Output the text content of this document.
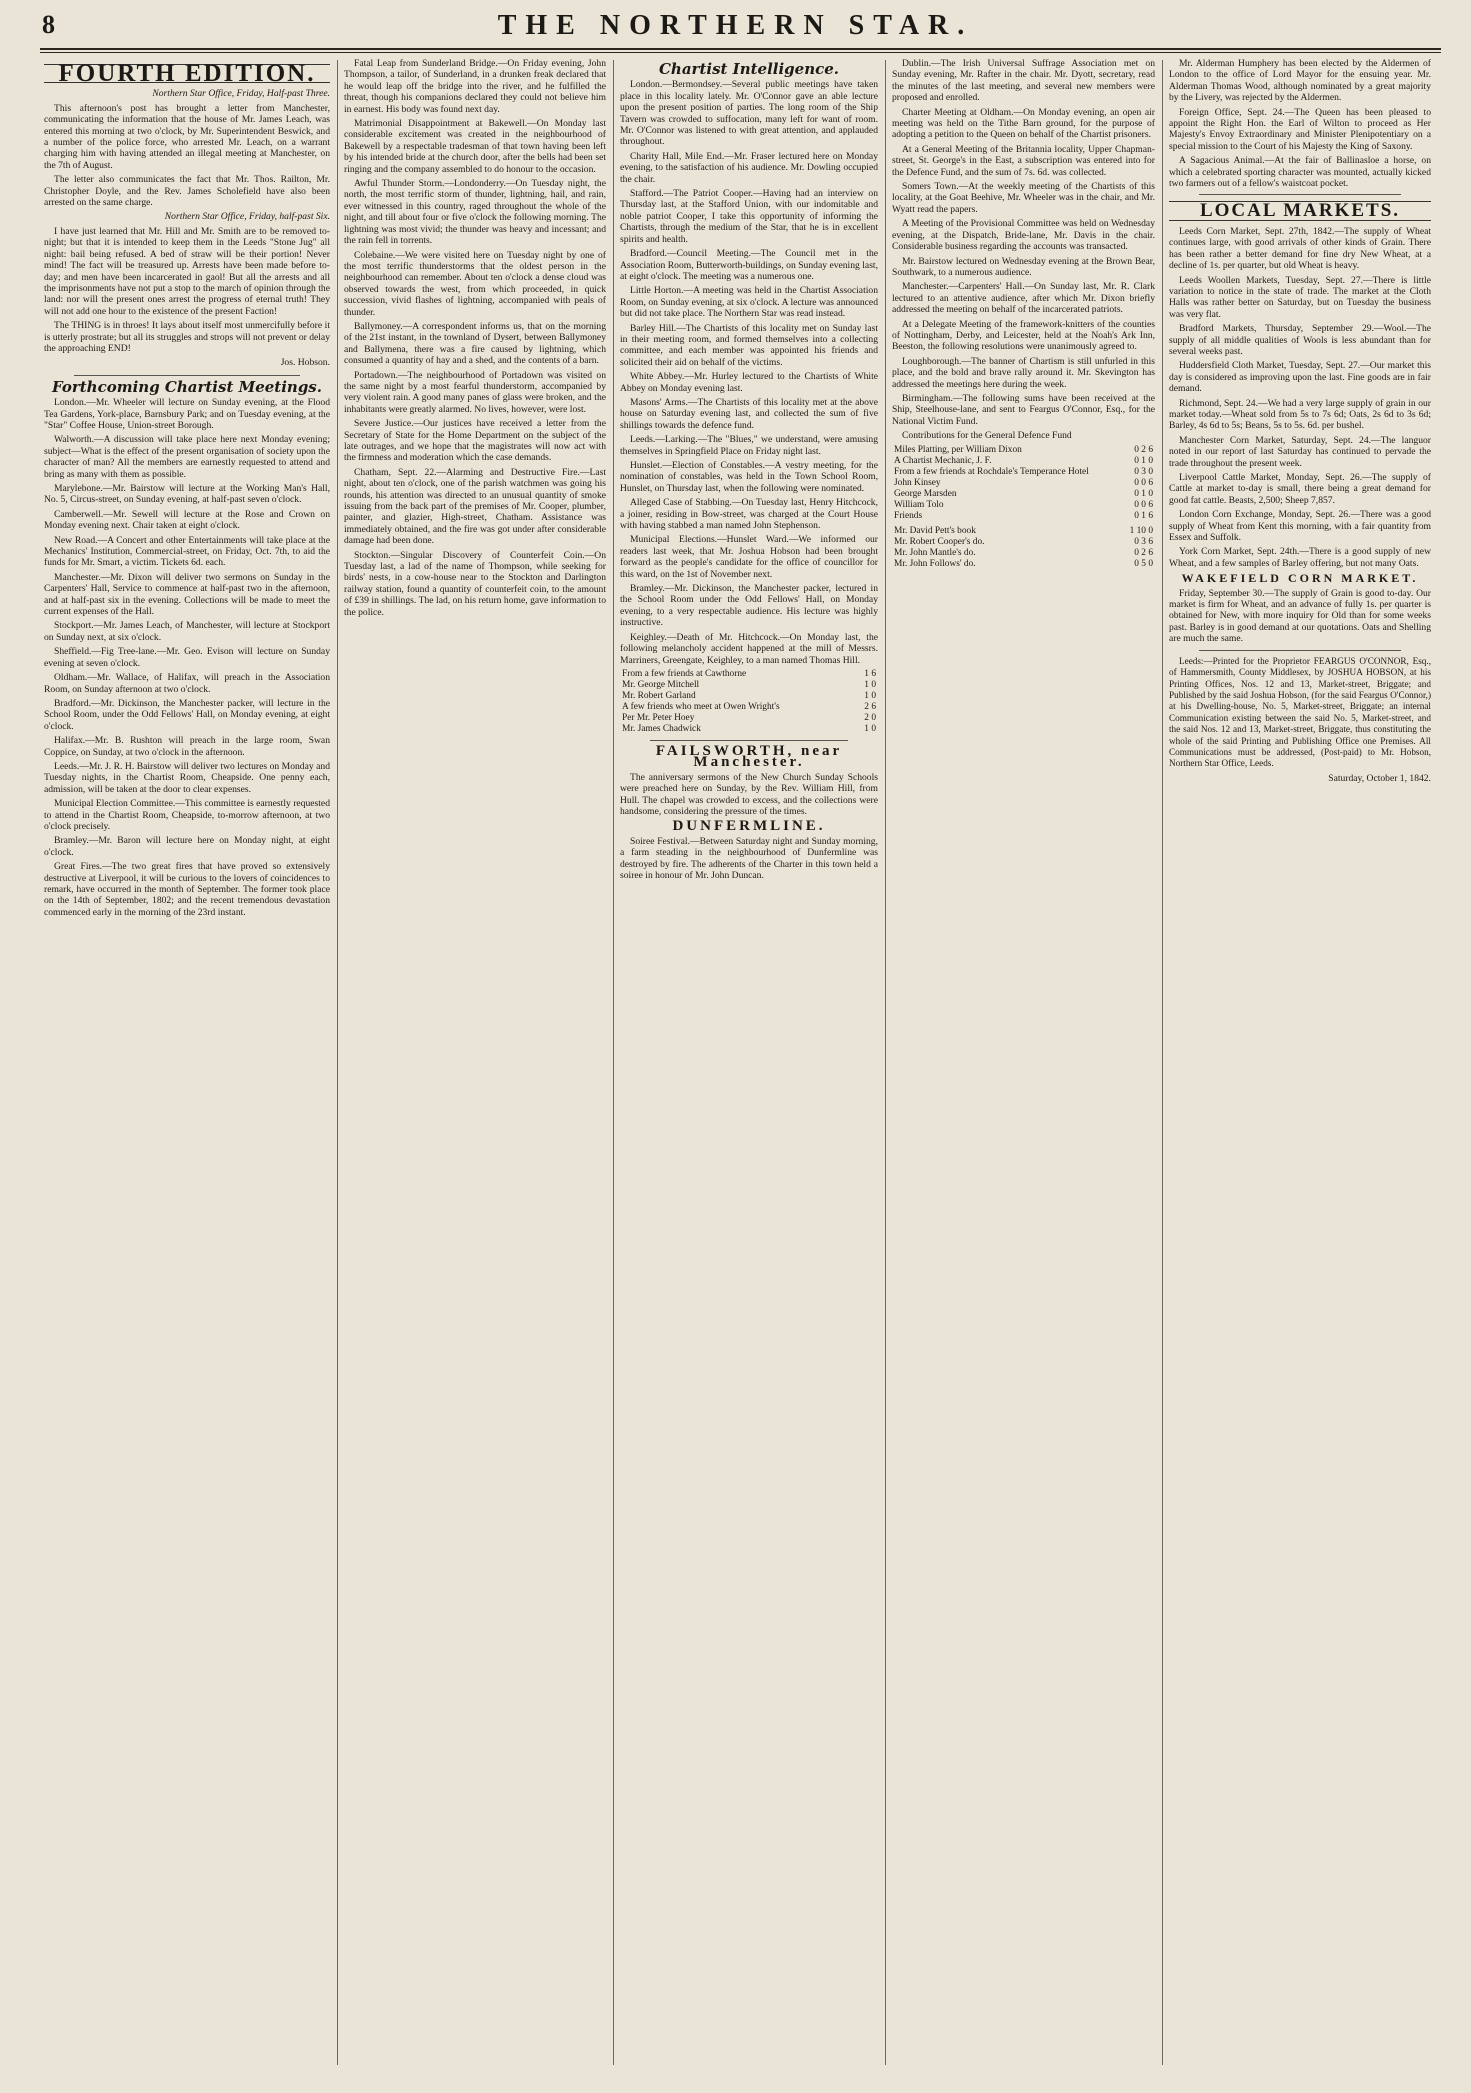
8	THE NORTHERN STAR.
FOURTH EDITION.
Northern Star Office, Friday, Half-past Three.

This afternoon's post has brought a letter from Manchester, communicating the information that the house of Mr. James Leach, was entered this morning at two o'clock, by Mr. Superintendent Beswick, and a number of the police force, who arrested Mr. Leach, on a warrant charging him with having attended an illegal meeting at Manchester, on the 7th of August.

The letter also communicates the fact that Mr. Thos. Railton, Mr. Christopher Doyle, and the Rev. James Scholefield have also been arrested on the same charge.

Northern Star Office, Friday, half-past Six.

I have just learned that Mr. Hill and Mr. Smith are to be removed to-night; but that it is intended to keep them in the Leeds "Stone Jug" all night: bail being refused. A bed of straw will be their portion! Never mind! The fact will be treasured up. Arrests have been made before to-day; and men have been incarcerated in gaol! But all the arrests and all the imprisonments have not put a stop to the march of opinion through the land: nor will the present ones arrest the progress of eternal truth! They will not add one hour to the existence of the present Faction!

The THING is in throes! It lays about itself most unmercifully before it is utterly prostrate; but all its struggles and strops will not prevent or delay the approaching END!

Jos. Hobson.
Forthcoming Chartist Meetings.

London.—Mr. Wheeler will lecture on Sunday evening, at the Flood Tea Gardens, York-place, Barnsbury Park; and on Tuesday evening, at the "Star" Coffee House, Union-street Borough.

Walworth.—A discussion will take place here next Monday evening; subject—What is the effect of the present organisation of society upon the character of man? All the members are earnestly requested to attend and bring as many with them as possible.

Marylebone.—Mr. Bairstow will lecture at the Working Man's Hall, No. 5, Circus-street, on Sunday evening, at half-past seven o'clock.

Camberwell.—Mr. Sewell will lecture at the Rose and Crown on Monday evening next. Chair taken at eight o'clock.

New Road.—A Concert and other Entertainments will take place at the Mechanics' Institution, Commercial-street, on Friday, Oct. 7th, to aid the funds for Mr. Smart, a victim. Tickets 6d. each.

Manchester.—Mr. Dixon will deliver two sermons on Sunday in the Carpenters' Hall, Service to commence at half-past two in the afternoon, and at half-past six in the evening. Collections will be made to meet the current expenses of the Hall.

Stockport.—Mr. James Leach, of Manchester, will lecture at Stockport on Sunday next, at six o'clock.

Sheffield.—Fig Tree-lane.—Mr. Geo. Evison will lecture on Sunday evening at seven o'clock.

Oldham.—Mr. Wallace, of Halifax, will preach in the Association Room, on Sunday afternoon at two o'clock.

Bradford.—Mr. Dickinson, the Manchester packer, will lecture in the School Room, under the Odd Fellows' Hall, on Monday evening, at eight o'clock.

Halifax.—Mr. B. Rushton will preach in the large room, Swan Coppice, on Sunday, at two o'clock in the afternoon.

Leeds.—Mr. J. R. H. Bairstow will deliver two lectures on Monday and Tuesday nights, in the Chartist Room, Cheapside. One penny each, admission, will be taken at the door to clear expenses.

Municipal Election Committee.—This committee is earnestly requested to attend in the Chartist Room, Cheapside, to-morrow afternoon, at two o'clock precisely.

Bramley.—Mr. Baron will lecture here on Monday night, at eight o'clock.

Great Fires.—The two great fires that have proved so extensively destructive at Liverpool, it will be curious to the lovers of coincidences to remark, have occurred in the month of September. The former took place on the 14th of September, 1802; and the recent tremendous devastation commenced early in the morning of the 23rd instant.

Fatal Leap from Sunderland Bridge.—On Friday evening, John Thompson, a tailor, of Sunderland, in a drunken freak declared that he would leap off the bridge into the river, and he fulfilled the threat, though his companions declared they could not believe him in earnest. His body was found next day.

Matrimonial Disappointment at Bakewell.—On Monday last considerable excitement was created in the neighbourhood of Bakewell by a respectable tradesman of that town having been left by his intended bride at the church door, after the bells had been set ringing and the company assembled to do honour to the occasion.

Awful Thunder Storm.—Londonderry.—On Tuesday night, the north, the most terrific storm of thunder, lightning, hail, and rain, ever witnessed in this country, raged throughout the whole of the night, and till about four or five o'clock the following morning. The lightning was most vivid; the thunder was heavy and incessant; and the rain fell in torrents.

Colebaine.—We were visited here on Tuesday night by one of the most terrific thunderstorms that the oldest person in the neighbourhood can remember. About ten o'clock a dense cloud was observed towards the west, from which proceeded, in quick succession, vivid flashes of lightning, accompanied with peals of thunder.

Ballymoney.—A correspondent informs us, that on the morning of the 21st instant, in the townland of Dysert, between Ballymoney and Ballymena, there was a fire caused by lightning, which consumed a quantity of hay and a shed, and the contents of a barn.

Portadown.—The neighbourhood of Portadown was visited on the same night by a most fearful thunderstorm, accompanied by very violent rain. A good many panes of glass were broken, and the inhabitants were greatly alarmed. No lives, however, were lost.

Severe Justice.—Our justices have received a letter from the Secretary of State for the Home Department on the subject of the late outrages, and we hope that the magistrates will now act with the firmness and moderation which the case demands.

Chatham, Sept. 22.—Alarming and Destructive Fire.—Last night, about ten o'clock, one of the parish watchmen was going his rounds, his attention was directed to an unusual quantity of smoke issuing from the back part of the premises of Mr. Cooper, plumber, painter, and glazier, High-street, Chatham. Assistance was immediately obtained, and the fire was got under after considerable damage had been done.

Stockton.—Singular Discovery of Counterfeit Coin.—On Tuesday last, a lad of the name of Thompson, while seeking for birds' nests, in a cow-house near to the Stockton and Darlington railway station, found a quantity of counterfeit coin, to the amount of £39 in shillings. The lad, on his return home, gave information to the police.

Chartist Intelligence.

London.—Bermondsey.—Several public meetings have taken place in this locality lately. Mr. O'Connor gave an able lecture upon the present position of parties. The long room of the Ship Tavern was crowded to suffocation, many left for want of room. Mr. O'Connor was listened to with great attention, and applauded throughout.

Charity Hall, Mile End.—Mr. Fraser lectured here on Monday evening, to the satisfaction of his audience. Mr. Dowling occupied the chair.

Stafford.—The Patriot Cooper.—Having had an interview on Thursday last, at the Stafford Union, with our indomitable and noble patriot Cooper, I take this opportunity of informing the Chartists, through the medium of the Star, that he is in excellent spirits and health.

Bradford.—Council Meeting.—The Council met in the Association Room, Butterworth-buildings, on Sunday evening last, at eight o'clock. The meeting was a numerous one.

Little Horton.—A meeting was held in the Chartist Association Room, on Sunday evening, at six o'clock. A lecture was announced but did not take place. The Northern Star was read instead.

Barley Hill.—The Chartists of this locality met on Sunday last in their meeting room, and formed themselves into a collecting committee, and each member was appointed his friends and solicited their aid on behalf of the victims.

White Abbey.—Mr. Hurley lectured to the Chartists of White Abbey on Monday evening last.

Masons' Arms.—The Chartists of this locality met at the above house on Saturday evening last, and collected the sum of five shillings towards the defence fund.

Leeds.—Larking.—The "Blues," we understand, were amusing themselves in Springfield Place on Friday night last.

Hunslet.—Election of Constables.—A vestry meeting, for the nomination of constables, was held in the Town School Room, Hunslet, on Thursday last, when the following were nominated.

Alleged Case of Stabbing.—On Tuesday last, Henry Hitchcock, a joiner, residing in Bow-street, was charged at the Court House with having stabbed a man named John Stephenson.

Municipal Elections.—Hunslet Ward.—We informed our readers last week, that Mr. Joshua Hobson had been brought forward as the people's candidate for the office of councillor for this ward, on the 1st of November next.

Bramley.—Mr. Dickinson, the Manchester packer, lectured in the School Room under the Odd Fellows' Hall, on Monday evening, to a very respectable audience. His lecture was highly instructive.

Keighley.—Death of Mr. Hitchcock.—On Monday last, the following melancholy accident happened at the mill of Messrs. Marriners, Greengate, Keighley, to a man named Thomas Hill.

From a few friends at Cawthorne	1 6
Mr. George Mitchell	1 0
Mr. Robert Garland	1 0
A few friends who meet at Owen Wright's	2 6
Per Mr. Peter Hoey	2 0
Mr. James Chadwick	1 0
FAILSWORTH, near Manchester.

The anniversary sermons of the New Church Sunday Schools were preached here on Sunday, by the Rev. William Hill, from Hull. The chapel was crowded to excess, and the collections were handsome, considering the pressure of the times.

DUNFERMLINE.

Soiree Festival.—Between Saturday night and Sunday morning, a farm steading in the neighbourhood of Dunfermline was destroyed by fire. The adherents of the Charter in this town held a soiree in honour of Mr. John Duncan.

Dublin.—The Irish Universal Suffrage Association met on Sunday evening, Mr. Rafter in the chair. Mr. Dyott, secretary, read the minutes of the last meeting, and several new members were proposed and enrolled.

Charter Meeting at Oldham.—On Monday evening, an open air meeting was held on the Tithe Barn ground, for the purpose of adopting a petition to the Queen on behalf of the Chartist prisoners.

At a General Meeting of the Britannia locality, Upper Chapman-street, St. George's in the East, a subscription was entered into for the Defence Fund, and the sum of 7s. 6d. was collected.

Somers Town.—At the weekly meeting of the Chartists of this locality, at the Goat Beehive, Mr. Wheeler was in the chair, and Mr. Wyatt read the papers.

A Meeting of the Provisional Committee was held on Wednesday evening, at the Dispatch, Bride-lane, Mr. Davis in the chair. Considerable business regarding the accounts was transacted.

Mr. Bairstow lectured on Wednesday evening at the Brown Bear, Southwark, to a numerous audience.

Manchester.—Carpenters' Hall.—On Sunday last, Mr. R. Clark lectured to an attentive audience, after which Mr. Dixon briefly addressed the meeting on behalf of the incarcerated patriots.

At a Delegate Meeting of the framework-knitters of the counties of Nottingham, Derby, and Leicester, held at the Noah's Ark Inn, Beeston, the following resolutions were unanimously agreed to.

Loughborough.—The banner of Chartism is still unfurled in this place, and the bold and brave rally around it. Mr. Skevington has addressed the meetings here during the week.

Birmingham.—The following sums have been received at the Ship, Steelhouse-lane, and sent to Feargus O'Connor, Esq., for the National Victim Fund.

Contributions for the General Defence Fund

Miles Platting, per William Dixon	0 2 6
A Chartist Mechanic, J. F.	0 1 0
From a few friends at Rochdale's Temperance Hotel	0 3 0
John Kinsey	0 0 6
George Marsden	0 1 0
William Tolo	0 0 6
Friends	0 1 6
Mr. David Pett's book	1 10 0
Mr. Robert Cooper's do.	0 3 6
Mr. John Mantle's do.	0 2 6
Mr. John Follows' do.	0 5 0

Mr. Alderman Humphery has been elected by the Aldermen of London to the office of Lord Mayor for the ensuing year. Mr. Alderman Thomas Wood, although nominated by a great majority by the Livery, was rejected by the Aldermen.

Foreign Office, Sept. 24.—The Queen has been pleased to appoint the Right Hon. the Earl of Wilton to proceed as Her Majesty's Envoy Extraordinary and Minister Plenipotentiary on a special mission to the Court of his Majesty the King of Saxony.

A Sagacious Animal.—At the fair of Ballinasloe a horse, on which a celebrated sporting character was mounted, actually kicked two farmers out of a fellow's waistcoat pocket.

LOCAL MARKETS.

Leeds Corn Market, Sept. 27th, 1842.—The supply of Wheat continues large, with good arrivals of other kinds of Grain. There has been rather a better demand for fine dry New Wheat, at a decline of 1s. per quarter, but old Wheat is heavy.

Leeds Woollen Markets, Tuesday, Sept. 27.—There is little variation to notice in the state of trade. The market at the Cloth Halls was rather better on Saturday, but on Tuesday the business was very flat.

Bradford Markets, Thursday, September 29.—Wool.—The supply of all middle qualities of Wools is less abundant than for several weeks past.

Huddersfield Cloth Market, Tuesday, Sept. 27.—Our market this day is considered as improving upon the last. Fine goods are in fair demand.

Richmond, Sept. 24.—We had a very large supply of grain in our market today.—Wheat sold from 5s to 7s 6d; Oats, 2s 6d to 3s 6d; Barley, 4s 6d to 5s; Beans, 5s to 5s. 6d. per bushel.

Manchester Corn Market, Saturday, Sept. 24.—The languor noted in our report of last Saturday has continued to pervade the trade throughout the present week.

Liverpool Cattle Market, Monday, Sept. 26.—The supply of Cattle at market to-day is small, there being a great demand for good fat cattle. Beasts, 2,500; Sheep 7,857.

London Corn Exchange, Monday, Sept. 26.—There was a good supply of Wheat from Kent this morning, with a fair quantity from Essex and Suffolk.

York Corn Market, Sept. 24th.—There is a good supply of new Wheat, and a few samples of Barley offering, but not many Oats.

WAKEFIELD CORN MARKET.

Friday, September 30.—The supply of Grain is good to-day. Our market is firm for Wheat, and an advance of fully 1s. per quarter is obtained for New, with more inquiry for Old than for some weeks past. Barley is in good demand at our quotations. Oats and Shelling are much the same.

Leeds:—Printed for the Proprietor FEARGUS O'CONNOR, Esq., of Hammersmith, County Middlesex, by JOSHUA HOBSON, at his Printing Offices, Nos. 12 and 13, Market-street, Briggate; and Published by the said Joshua Hobson, (for the said Feargus O'Connor,) at his Dwelling-house, No. 5, Market-street, Briggate; an internal Communication existing between the said No. 5, Market-street, and the said Nos. 12 and 13, Market-street, Briggate, thus constituting the whole of the said Printing and Publishing Office one Premises. All Communications must be addressed, (Post-paid) to Mr. Hobson, Northern Star Office, Leeds.

Saturday, October 1, 1842.
